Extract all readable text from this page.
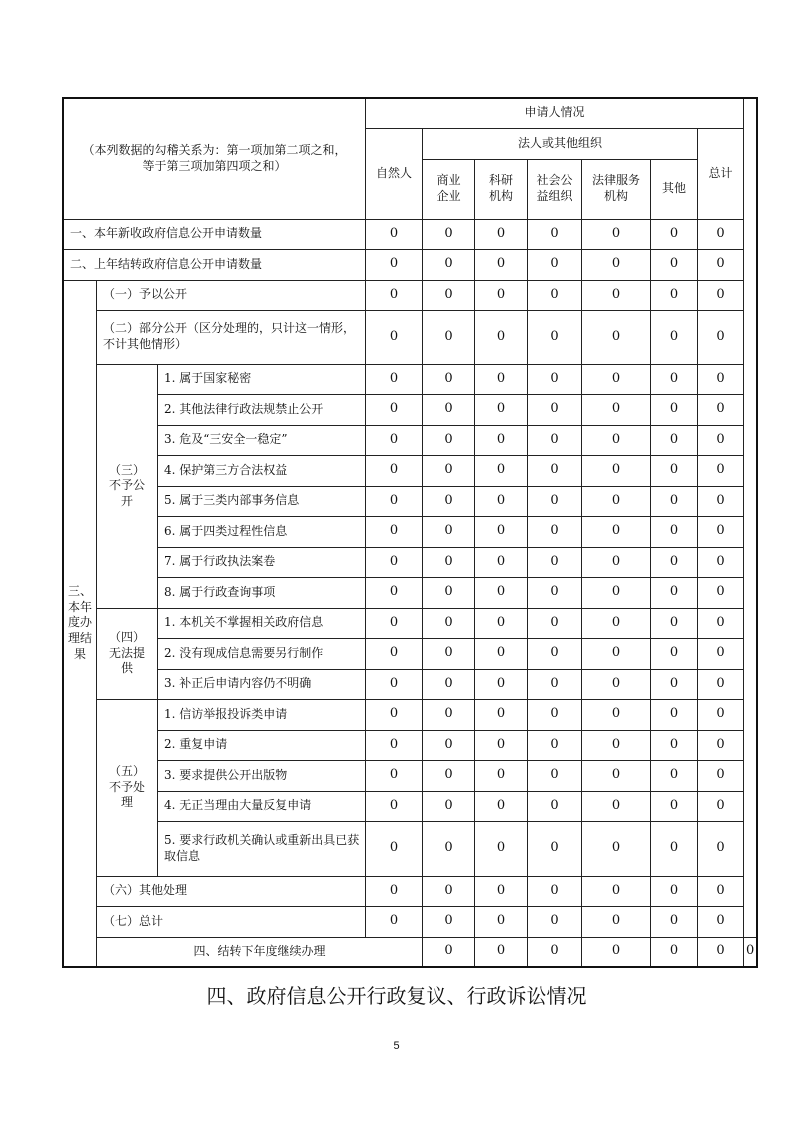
（本列数据的勾稽关系为：第一项加第二项之和，等于第三项加第四项之和）			申请人情况							
			自然人	法人或其他组织					总计	
				商业企业	科研机构	社会公益组织	法律服务机构	其他		

一、本年新收政府信息公开申请数量			0	0	0	0	0	0	0	
二、上年结转政府信息公开申请数量			0	0	0	0	0	0	0	
三、本年度办理结果	（一）予以公开		0	0	0	0	0	0	0	
	（二）部分公开（区分处理的，只计这一情形，不计其他情形）		0	0	0	0	0	0	0	
	（三）不予公开	1. 属于国家秘密	0	0	0	0	0	0	0	
		2. 其他法律行政法规禁止公开	0	0	0	0	0	0	0	
		3. 危及“三安全一稳定”	0	0	0	0	0	0	0	
		4. 保护第三方合法权益	0	0	0	0	0	0	0	
		5. 属于三类内部事务信息	0	0	0	0	0	0	0	
		6. 属于四类过程性信息	0	0	0	0	0	0	0	
		7. 属于行政执法案卷	0	0	0	0	0	0	0	
		8. 属于行政查询事项	0	0	0	0	0	0	0	
	（四）无法提供	1. 本机关不掌握相关政府信息	0	0	0	0	0	0	0	
		2. 没有现成信息需要另行制作	0	0	0	0	0	0	0	
		3. 补正后申请内容仍不明确	0	0	0	0	0	0	0	
	（五）不予处理	1. 信访举报投诉类申请	0	0	0	0	0	0	0	
		2. 重复申请	0	0	0	0	0	0	0	
		3. 要求提供公开出版物	0	0	0	0	0	0	0	
		4. 无正当理由大量反复申请	0	0	0	0	0	0	0	
		5. 要求行政机关确认或重新出具已获取信息	0	0	0	0	0	0	0	
	（六）其他处理		0	0	0	0	0	0	0	
	（七）总计		0	0	0	0	0	0	0	
	四、结转下年度继续办理			0	0	0	0	0	0	0
四、政府信息公开行政复议、行政诉讼情况
5
